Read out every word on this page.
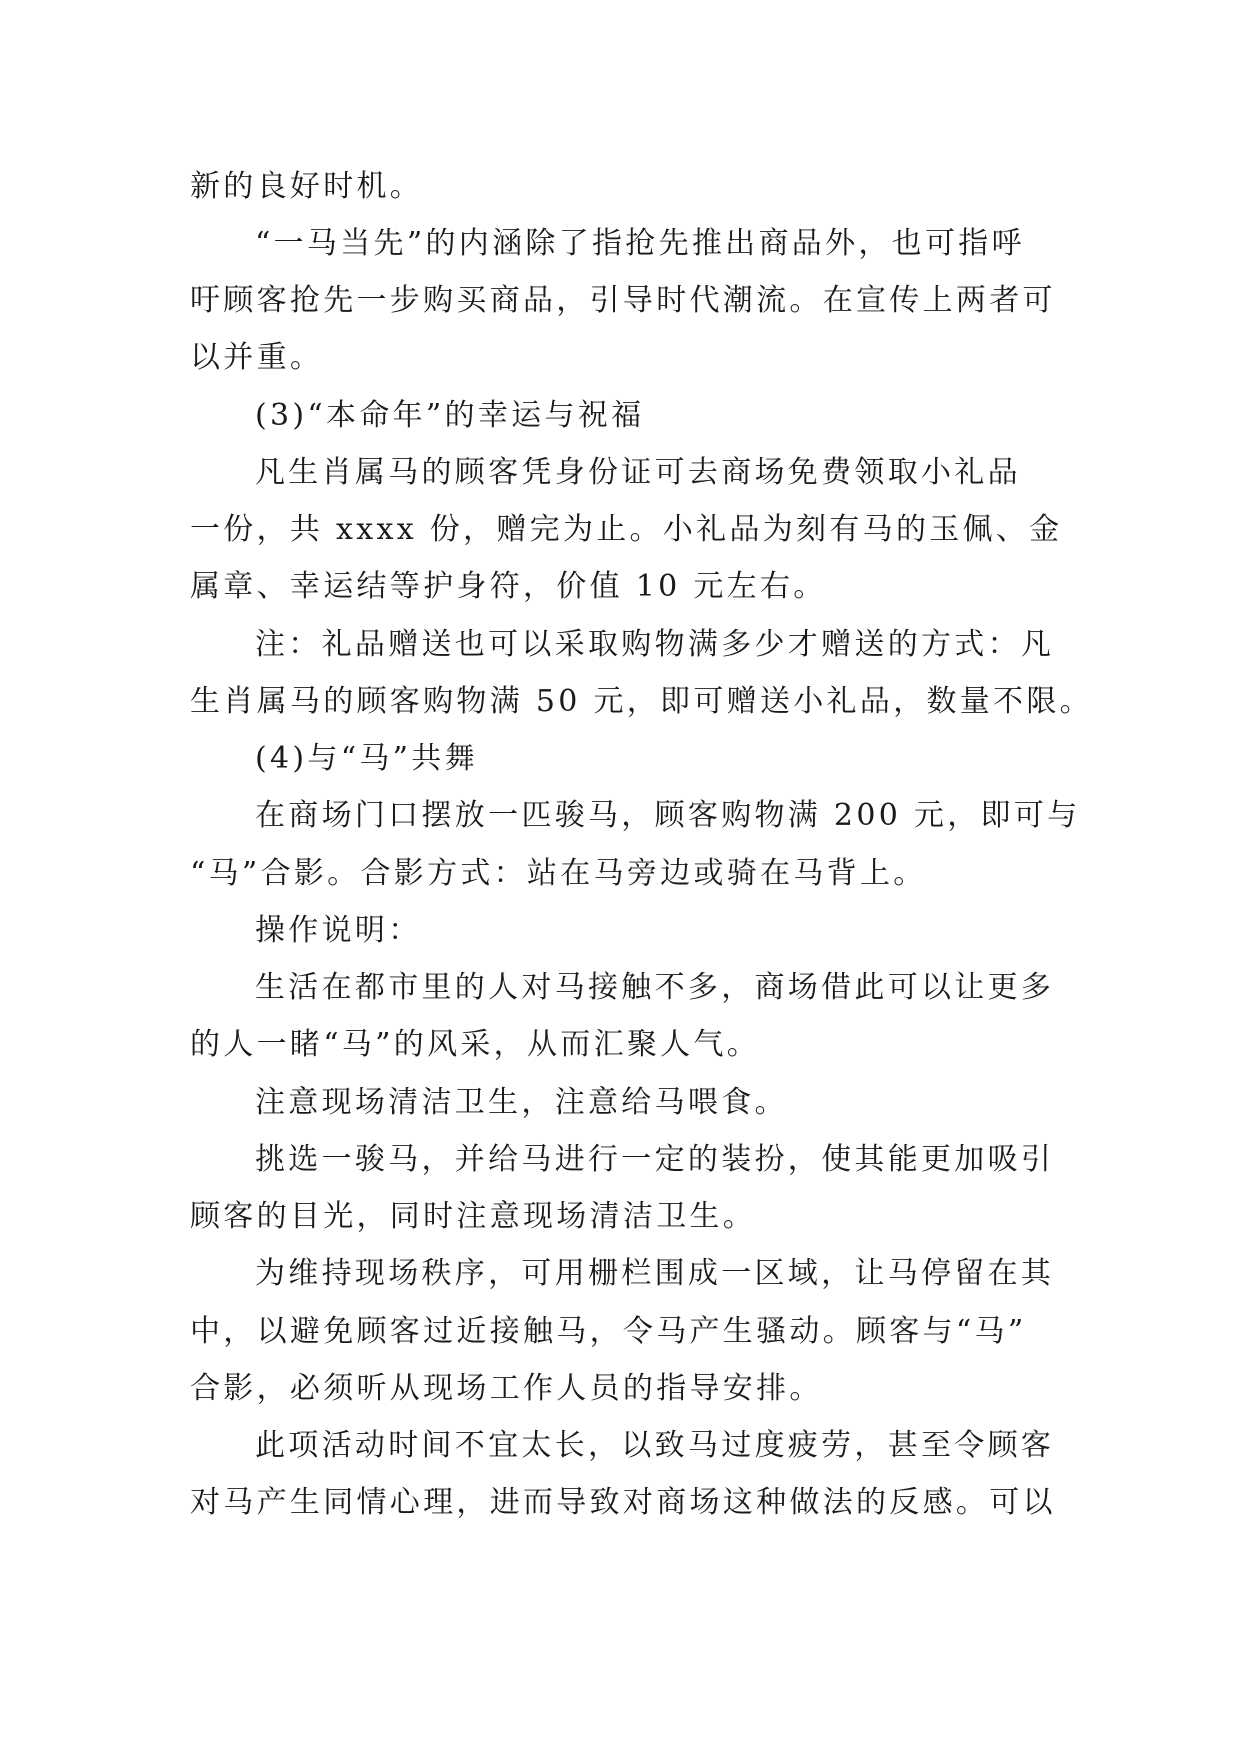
新的良好时机。
“一马当先”的内涵除了指抢先推出商品外，也可指呼
吁顾客抢先一步购买商品，引导时代潮流。在宣传上两者可
以并重。
(3)“本命年”的幸运与祝福
凡生肖属马的顾客凭身份证可去商场免费领取小礼品
一份，共 xxxx 份，赠完为止。小礼品为刻有马的玉佩、金
属章、幸运结等护身符，价值 10 元左右。
注：礼品赠送也可以采取购物满多少才赠送的方式：凡
生肖属马的顾客购物满 50 元，即可赠送小礼品，数量不限。
(4)与“马”共舞
在商场门口摆放一匹骏马，顾客购物满 200 元，即可与
“马”合影。合影方式：站在马旁边或骑在马背上。
操作说明：
生活在都市里的人对马接触不多，商场借此可以让更多
的人一睹“马”的风采，从而汇聚人气。
注意现场清洁卫生，注意给马喂食。
挑选一骏马，并给马进行一定的装扮，使其能更加吸引
顾客的目光，同时注意现场清洁卫生。
为维持现场秩序，可用栅栏围成一区域，让马停留在其
中，以避免顾客过近接触马，令马产生骚动。顾客与“马”
合影，必须听从现场工作人员的指导安排。
此项活动时间不宜太长，以致马过度疲劳，甚至令顾客
对马产生同情心理，进而导致对商场这种做法的反感。可以
